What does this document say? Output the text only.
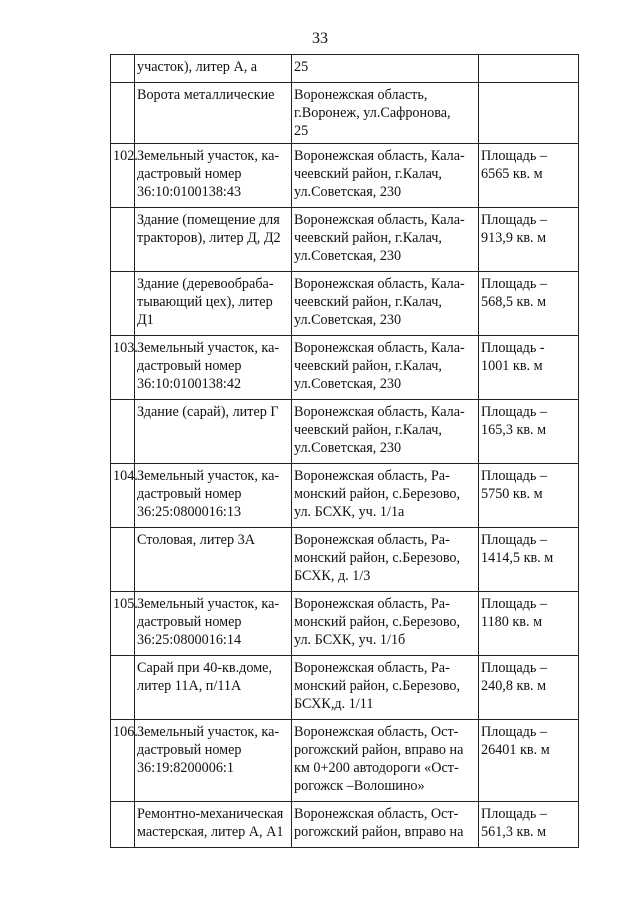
33
	участок), литер А, а	25	
	Ворота металлические	Воронежская область,
г.Воронеж, ул.Сафронова,
25	
102.	Земельный участок, ка-
дастровый номер
36:10:0100138:43	Воронежская область, Кала-
чеевский район, г.Калач,
ул.Советская, 230	Площадь –
6565 кв. м
	Здание (помещение для
тракторов), литер Д, Д2	Воронежская область, Кала-
чеевский район, г.Калач,
ул.Советская, 230	Площадь –
913,9 кв. м
	Здание (деревообраба-
тывающий цех), литер
Д1	Воронежская область, Кала-
чеевский район, г.Калач,
ул.Советская, 230	Площадь –
568,5 кв. м
103.	Земельный участок, ка-
дастровый номер
36:10:0100138:42	Воронежская область, Кала-
чеевский район, г.Калач,
ул.Советская, 230	Площадь -
1001 кв. м
	Здание (сарай), литер Г	Воронежская область, Кала-
чеевский район, г.Калач,
ул.Советская, 230	Площадь –
165,3 кв. м
104.	Земельный участок, ка-
дастровый номер
36:25:0800016:13	Воронежская область, Ра-
монский район, с.Березово,
ул. БСХК, уч. 1/1а	Площадь –
5750 кв. м
	Столовая, литер 3А	Воронежская область, Ра-
монский район, с.Березово,
БСХК, д. 1/3	Площадь –
1414,5 кв. м
105.	Земельный участок, ка-
дастровый номер
36:25:0800016:14	Воронежская область, Ра-
монский район, с.Березово,
ул. БСХК, уч. 1/1б	Площадь –
1180 кв. м
	Сарай при 40-кв.доме,
литер 11А, п/11А	Воронежская область, Ра-
монский район, с.Березово,
БСХК,д. 1/11	Площадь –
240,8 кв. м
106.	Земельный участок, ка-
дастровый номер
36:19:8200006:1	Воронежская область, Ост-
рогожский район, вправо на
км 0+200 автодороги «Ост-
рогожск –Волошино»	Площадь –
26401 кв. м
	Ремонтно-механическая
мастерская, литер А, А1	Воронежская область, Ост-
рогожский район, вправо на	Площадь –
561,3 кв. м
